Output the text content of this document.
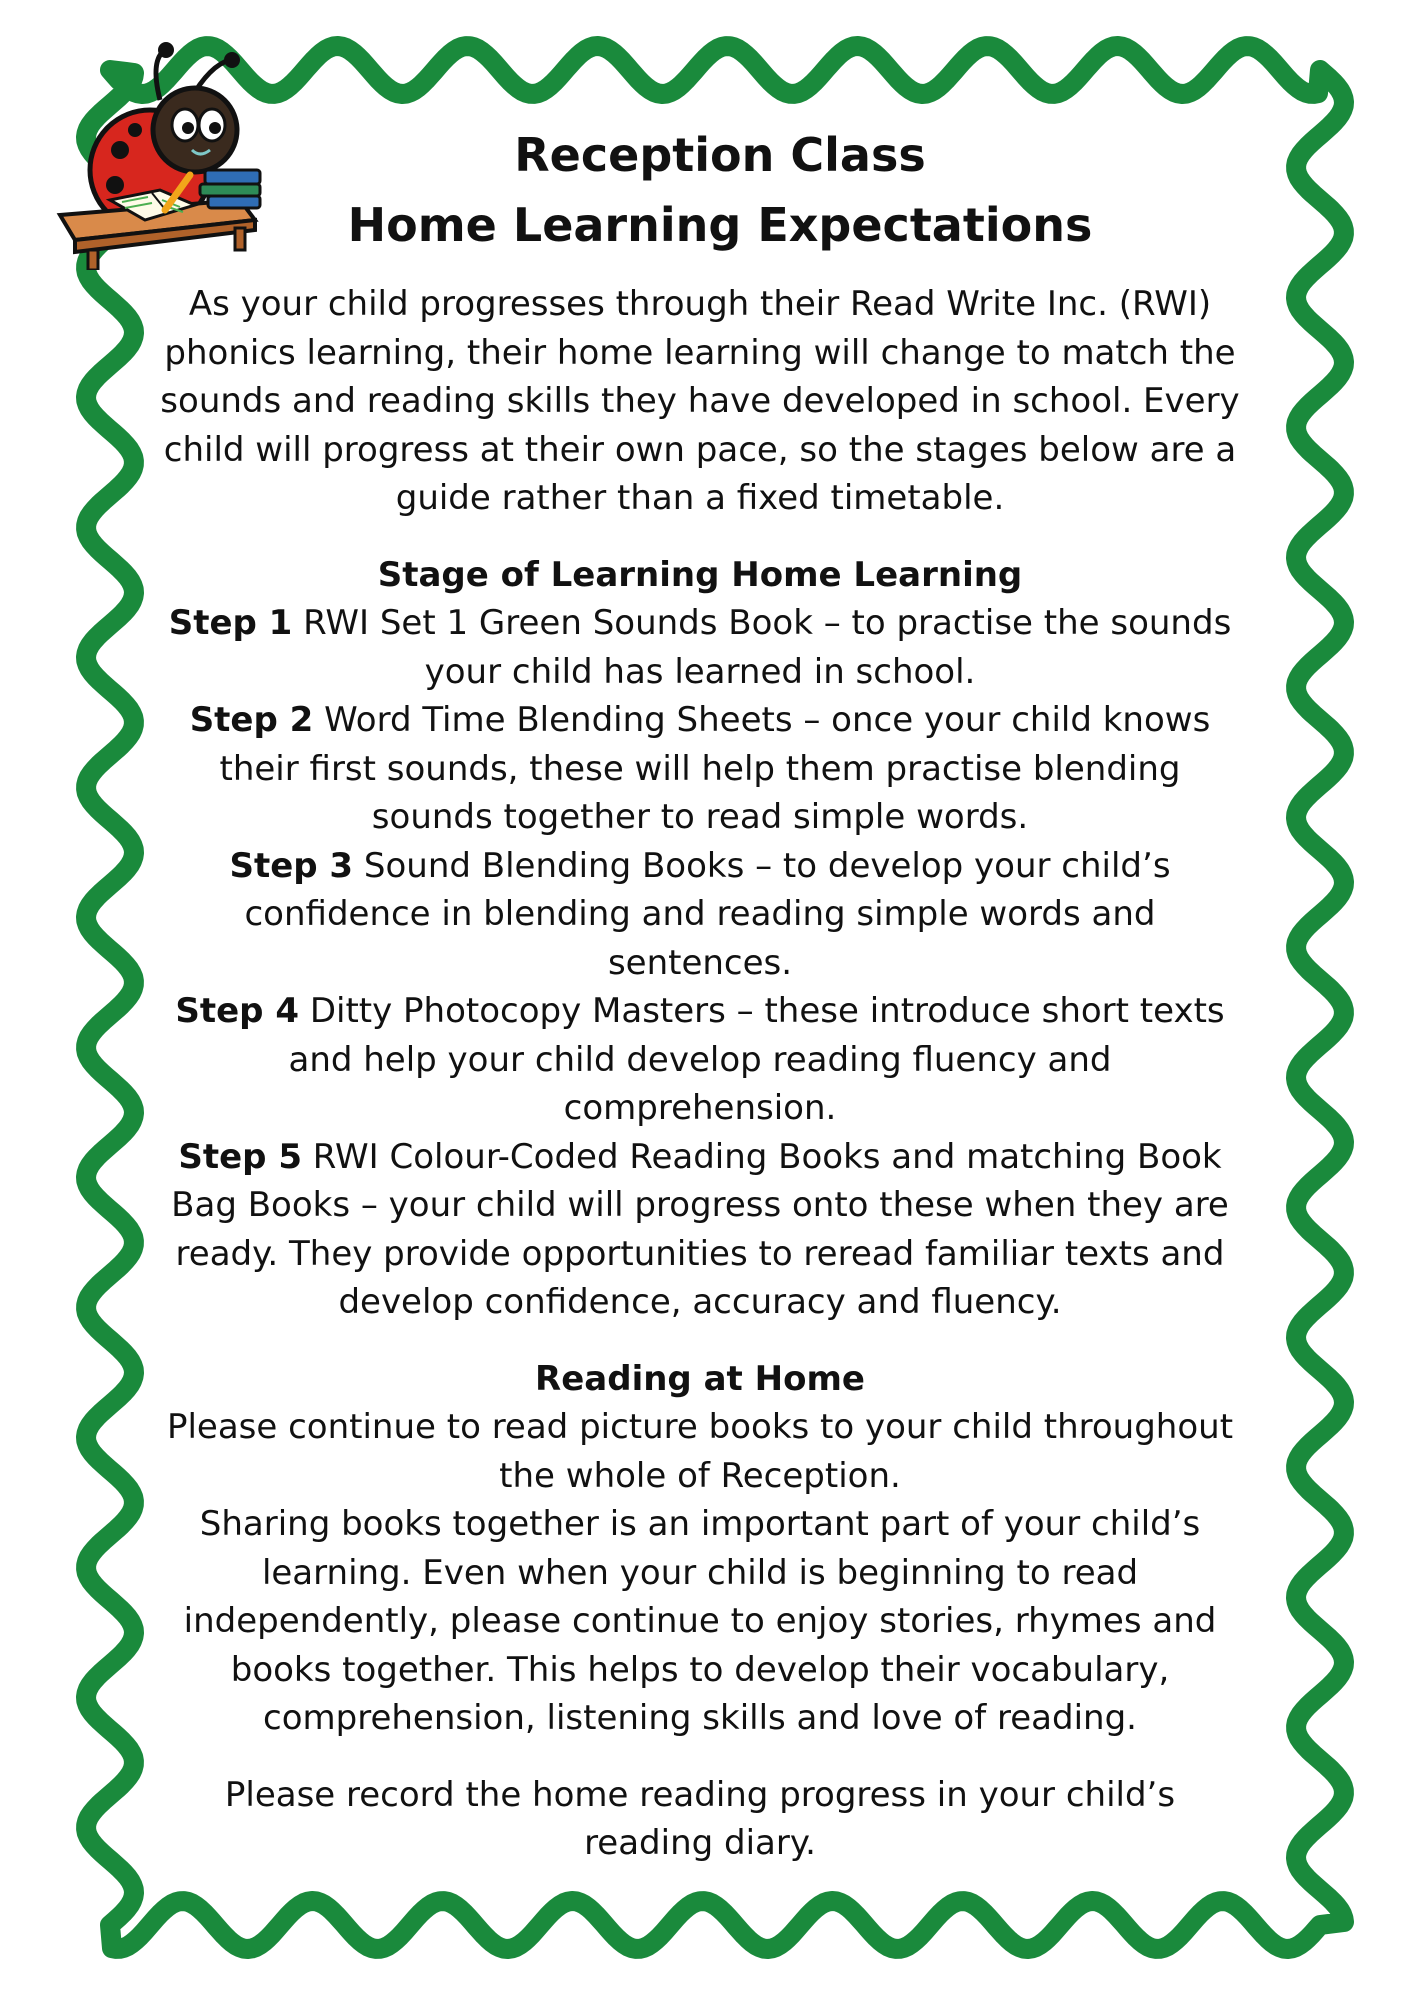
Reception Class
Home Learning Expectations

As your child progresses through their Read Write Inc. (RWI)
phonics learning, their home learning will change to match the
sounds and reading skills they have developed in school. Every
child will progress at their own pace, so the stages below are a
guide rather than a fixed timetable.

Stage of Learning Home Learning

Step 1 RWI Set 1 Green Sounds Book – to practise the sounds
your child has learned in school.

Step 2 Word Time Blending Sheets – once your child knows
their first sounds, these will help them practise blending
sounds together to read simple words.

Step 3 Sound Blending Books – to develop your child’s
confidence in blending and reading simple words and
sentences.

Step 4 Ditty Photocopy Masters – these introduce short texts
and help your child develop reading fluency and
comprehension.

Step 5 RWI Colour-Coded Reading Books and matching Book
Bag Books – your child will progress onto these when they are
ready. They provide opportunities to reread familiar texts and
develop confidence, accuracy and fluency.

Reading at Home

Please continue to read picture books to your child throughout
the whole of Reception.
Sharing books together is an important part of your child’s
learning. Even when your child is beginning to read
independently, please continue to enjoy stories, rhymes and
books together. This helps to develop their vocabulary,
comprehension, listening skills and love of reading.

Please record the home reading progress in your child’s
reading diary.
